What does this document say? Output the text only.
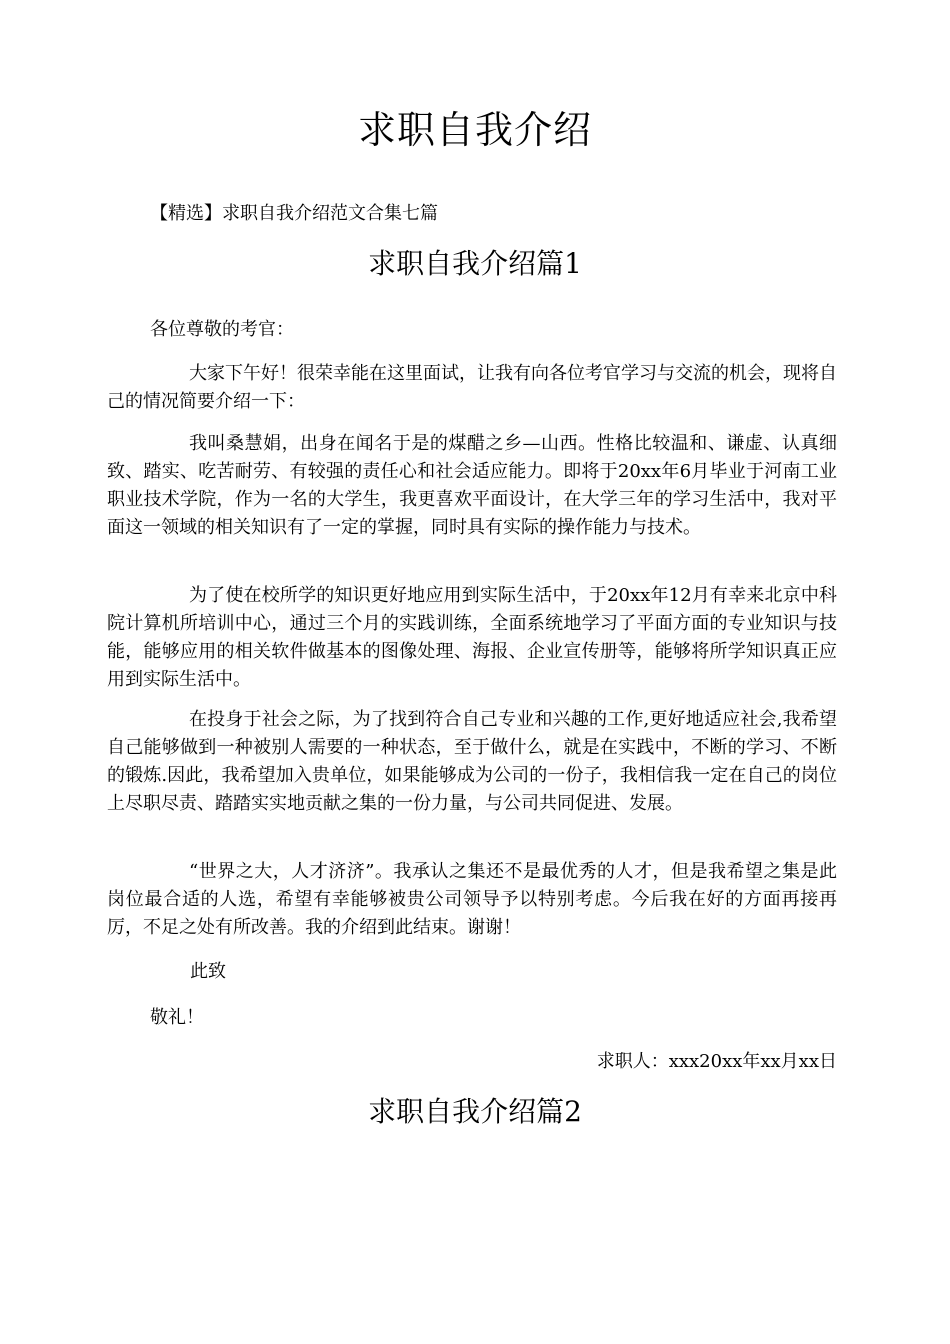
求职自我介绍
【精选】求职自我介绍范文合集七篇
求职自我介绍篇1
各位尊敬的考官：
大家下午好！很荣幸能在这里面试，让我有向各位考官学习与交流的机会，现将自己的情况简要介绍一下：
我叫桑慧娟，出身在闻名于是的煤醋之乡—山西。性格比较温和、谦虚、认真细致、踏实、吃苦耐劳、有较强的责任心和社会适应能力。即将于20xx年6月毕业于河南工业职业技术学院，作为一名的大学生，我更喜欢平面设计，在大学三年的学习生活中，我对平面这一领域的相关知识有了一定的掌握，同时具有实际的操作能力与技术。
为了使在校所学的知识更好地应用到实际生活中，于20xx年12月有幸来北京中科院计算机所培训中心，通过三个月的实践训练，全面系统地学习了平面方面的专业知识与技能，能够应用的相关软件做基本的图像处理、海报、企业宣传册等，能够将所学知识真正应用到实际生活中。
在投身于社会之际，为了找到符合自己专业和兴趣的工作,更好地适应社会,我希望自己能够做到一种被别人需要的一种状态，至于做什么，就是在实践中，不断的学习、不断的锻炼.因此，我希望加入贵单位，如果能够成为公司的一份子，我相信我一定在自己的岗位上尽职尽责、踏踏实实地贡献之集的一份力量，与公司共同促进、发展。
“世界之大，人才济济”。我承认之集还不是最优秀的人才，但是我希望之集是此岗位最合适的人选，希望有幸能够被贵公司领导予以特别考虑。今后我在好的方面再接再厉，不足之处有所改善。我的介绍到此结束。谢谢！
此致
敬礼！
求职人：xxx20xx年xx月xx日
求职自我介绍篇2
